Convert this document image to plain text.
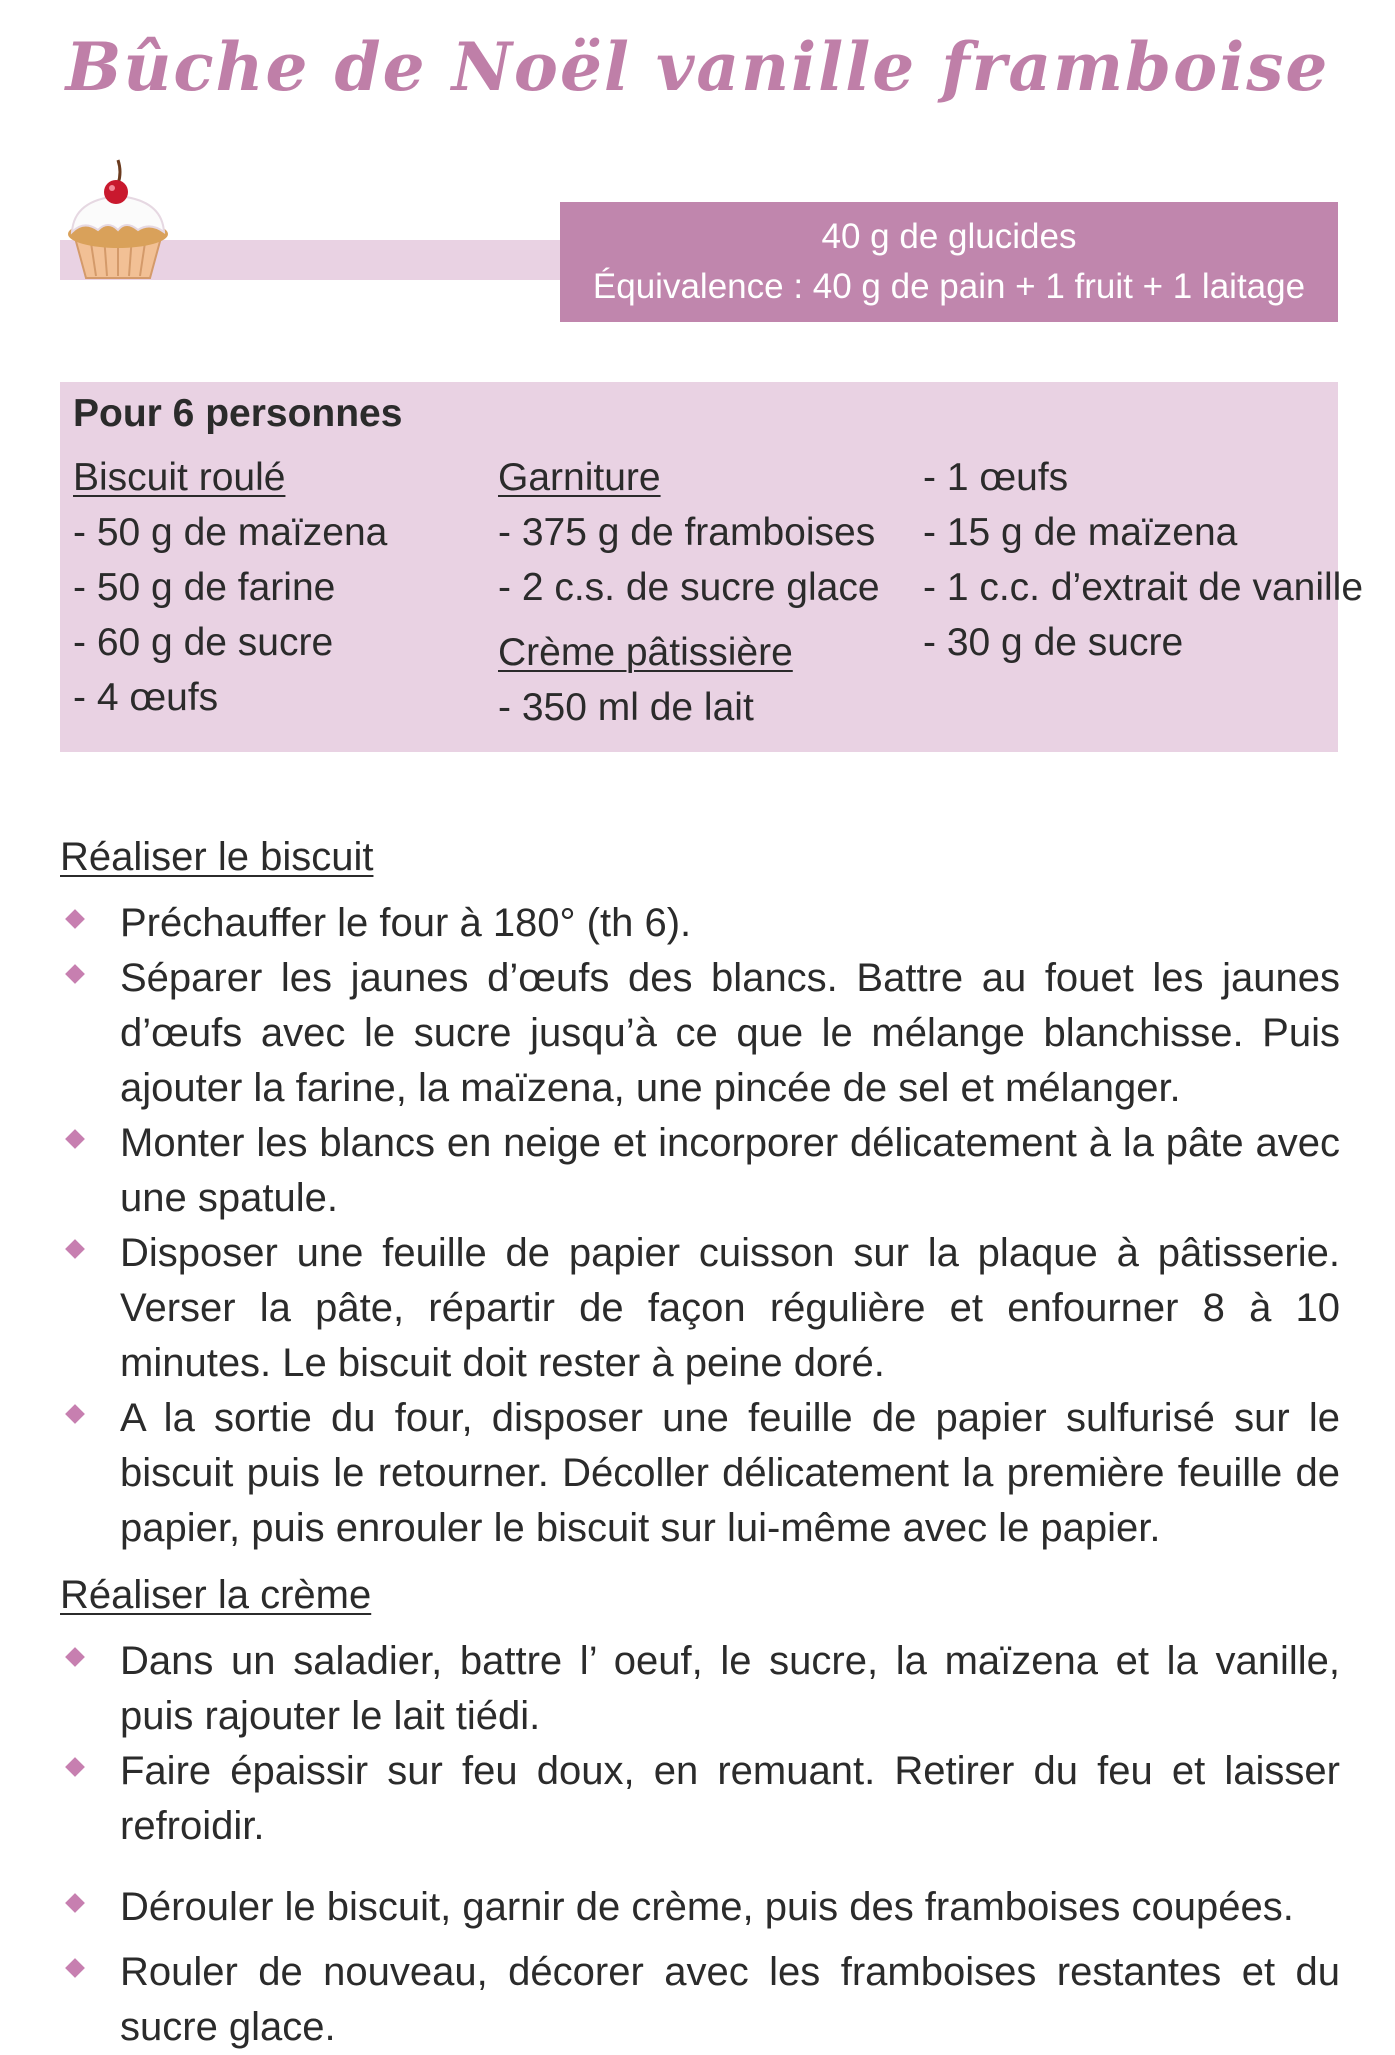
Bûche de Noël vanille framboise
40 g de glucides
Équivalence : 40 g de pain + 1 fruit + 1 laitage
Pour 6 personnes
Biscuit roulé
- 50 g de maïzena
- 50 g de farine
- 60 g de sucre
- 4 œufs
Garniture
- 375 g de framboises
- 2 c.s. de sucre glace
Crème pâtissière
- 350 ml de lait
- 1 œufs
- 15 g de maïzena
- 1 c.c. d’extrait de vanille
- 30 g de sucre
Réaliser le biscuit
Préchauffer le four à 180° (th 6).
Séparer les jaunes d’œufs des blancs. Battre au fouet les jaunes d’œufs avec le sucre jusqu’à ce que le mélange blanchisse. Puis ajouter la farine, la maïzena, une pincée de sel et mélanger.
Monter les blancs en neige et incorporer délicatement à la pâte avec une spatule.
Disposer une feuille de papier cuisson sur la plaque à pâtisserie. Verser la pâte, répartir de façon régulière et enfourner 8 à 10 minutes. Le biscuit doit rester à peine doré.
A la sortie du four, disposer une feuille de papier sulfurisé sur le biscuit puis le retourner. Décoller délicatement la première feuille de papier, puis enrouler le biscuit sur lui-même avec le papier.
Réaliser la crème
Dans un saladier, battre l’ oeuf, le sucre, la maïzena et la vanille, puis rajouter le lait tiédi.
Faire épaissir sur feu doux, en remuant. Retirer du feu et laisser refroidir.
Dérouler le biscuit, garnir de crème, puis des framboises coupées.
Rouler de nouveau, décorer avec les framboises restantes et du sucre glace.
